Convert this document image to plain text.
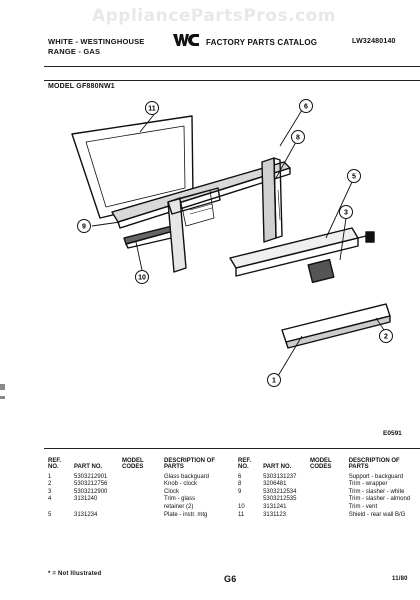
AppliancePartsPros.com
WHITE - WESTINGHOUSE
RANGE - GAS
FACTORY PARTS CATALOG	LW32480140
MODEL GF880NW1
11	6
8
5
3
9
10
2
1
E0591
REF. NO.	PART NO.	MODEL CODES	DESCRIPTION OF PARTS
1	5303212901		Glass backguard
2	5303212756		Knob - clock
3	5303212900		Clock
4	3131240		Trim - glass
			retainer (2)
5	3131234		Plate - instr. mtg
REF. NO.	PART NO.	MODEL CODES	DESCRIPTION OF PARTS
6	5303131237		Support - backguard
8	3206481		Trim - wrapper
9	5303212534		Trim - slasher - white
	5303212535		Trim - slasher - almond
10	3131241		Trim - vent
11	3131123		Shield - rear wall B/G
* = Not Illustrated	G6	11/80
